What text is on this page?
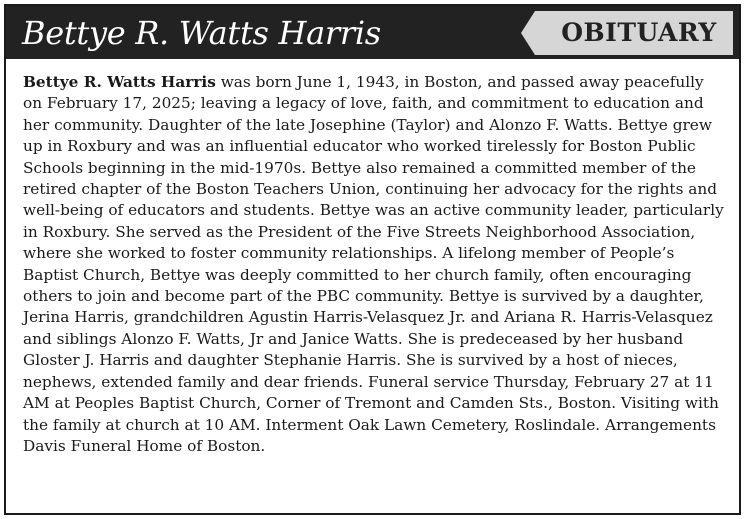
Bettye R. Watts Harris	OBITUARY

Bettye R. Watts Harris was born June 1, 1943, in Boston, and passed away peacefully on February 17, 2025; leaving a legacy of love, faith, and commitment to education and her community. Daughter of the late Josephine (Taylor) and Alonzo F. Watts. Bettye grew up in Roxbury and was an influential educator who worked tirelessly for Boston Public Schools beginning in the mid-1970s. Bettye also remained a committed member of the retired chapter of the Boston Teachers Union, continuing her advocacy for the rights and well-being of educators and students. Bettye was an active community leader, particularly in Roxbury. She served as the President of the Five Streets Neighborhood Association, where she worked to foster community relationships. A lifelong member of People’s Baptist Church, Bettye was deeply committed to her church family, often encouraging others to join and become part of the PBC community. Bettye is survived by a daughter, Jerina Harris, grandchildren Agustin Harris-Velasquez Jr. and Ariana R. Harris-Velasquez and siblings Alonzo F. Watts, Jr and Janice Watts. She is predeceased by her husband Gloster J. Harris and daughter Stephanie Harris. She is survived by a host of nieces, nephews, extended family and dear friends. Funeral service Thursday, February 27 at 11 AM at Peoples Baptist Church, Corner of Tremont and Camden Sts., Boston. Visiting with the family at church at 10 AM. Interment Oak Lawn Cemetery, Roslindale. Arrangements Davis Funeral Home of Boston.
